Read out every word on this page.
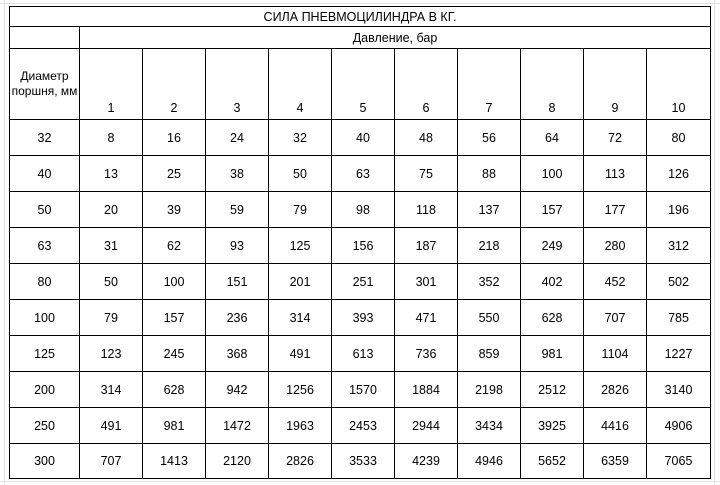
СИЛА ПНЕВМОЦИЛИНДРА В КГ.										
	Давление, бар									
Диаметр поршня, мм	1	2	3	4	5	6	7	8	9	10
32	8	16	24	32	40	48	56	64	72	80
40	13	25	38	50	63	75	88	100	113	126
50	20	39	59	79	98	118	137	157	177	196
63	31	62	93	125	156	187	218	249	280	312
80	50	100	151	201	251	301	352	402	452	502
100	79	157	236	314	393	471	550	628	707	785
125	123	245	368	491	613	736	859	981	1104	1227
200	314	628	942	1256	1570	1884	2198	2512	2826	3140
250	491	981	1472	1963	2453	2944	3434	3925	4416	4906
300	707	1413	2120	2826	3533	4239	4946	5652	6359	7065
